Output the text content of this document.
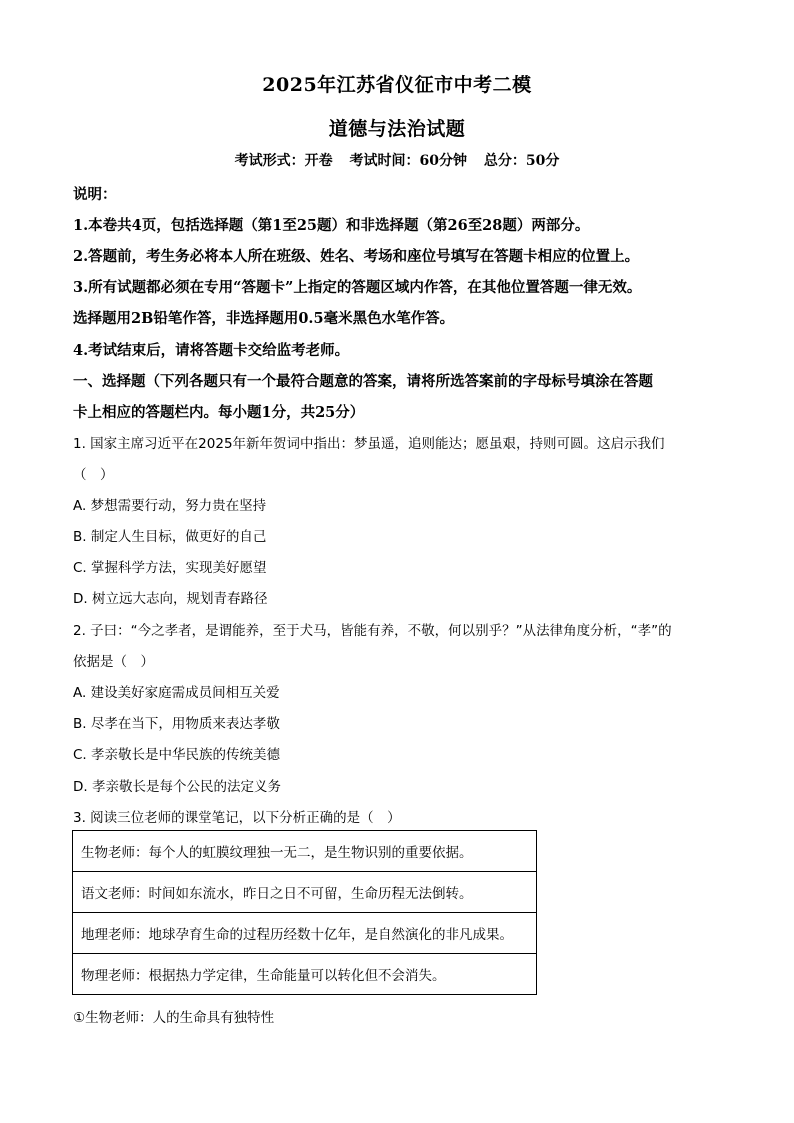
2025年江苏省仪征市中考二模
道德与法治试题
考试形式：开卷 考试时间：60分钟 总分：50分
说明：
1.本卷共4页，包括选择题（第1至25题）和非选择题（第26至28题）两部分。
2.答题前，考生务必将本人所在班级、姓名、考场和座位号填写在答题卡相应的位置上。
3.所有试题都必须在专用“答题卡”上指定的答题区域内作答，在其他位置答题一律无效。
选择题用2B铅笔作答，非选择题用0.5毫米黑色水笔作答。
4.考试结束后，请将答题卡交给监考老师。
一、选择题（下列各题只有一个最符合题意的答案，请将所选答案前的字母标号填涂在答题
卡上相应的答题栏内。每小题1分，共25分）
1. 国家主席习近平在2025年新年贺词中指出：梦虽遥，追则能达；愿虽艰，持则可圆。这启示我们
（　）
A. 梦想需要行动，努力贵在坚持
B. 制定人生目标，做更好的自己
C. 掌握科学方法，实现美好愿望
D. 树立远大志向，规划青春路径
2. 子曰：“今之孝者，是谓能养，至于犬马，皆能有养，不敬，何以别乎？”从法律角度分析，“孝”的
依据是（　）
A. 建设美好家庭需成员间相互关爱
B. 尽孝在当下，用物质来表达孝敬
C. 孝亲敬长是中华民族的传统美德
D. 孝亲敬长是每个公民的法定义务
3. 阅读三位老师的课堂笔记，以下分析正确的是（　）
生物老师：每个人的虹膜纹理独一无二，是生物识别的重要依据。
语文老师：时间如东流水，昨日之日不可留，生命历程无法倒转。
地理老师：地球孕育生命的过程历经数十亿年，是自然演化的非凡成果。
物理老师：根据热力学定律，生命能量可以转化但不会消失。
①生物老师：人的生命具有独特性
